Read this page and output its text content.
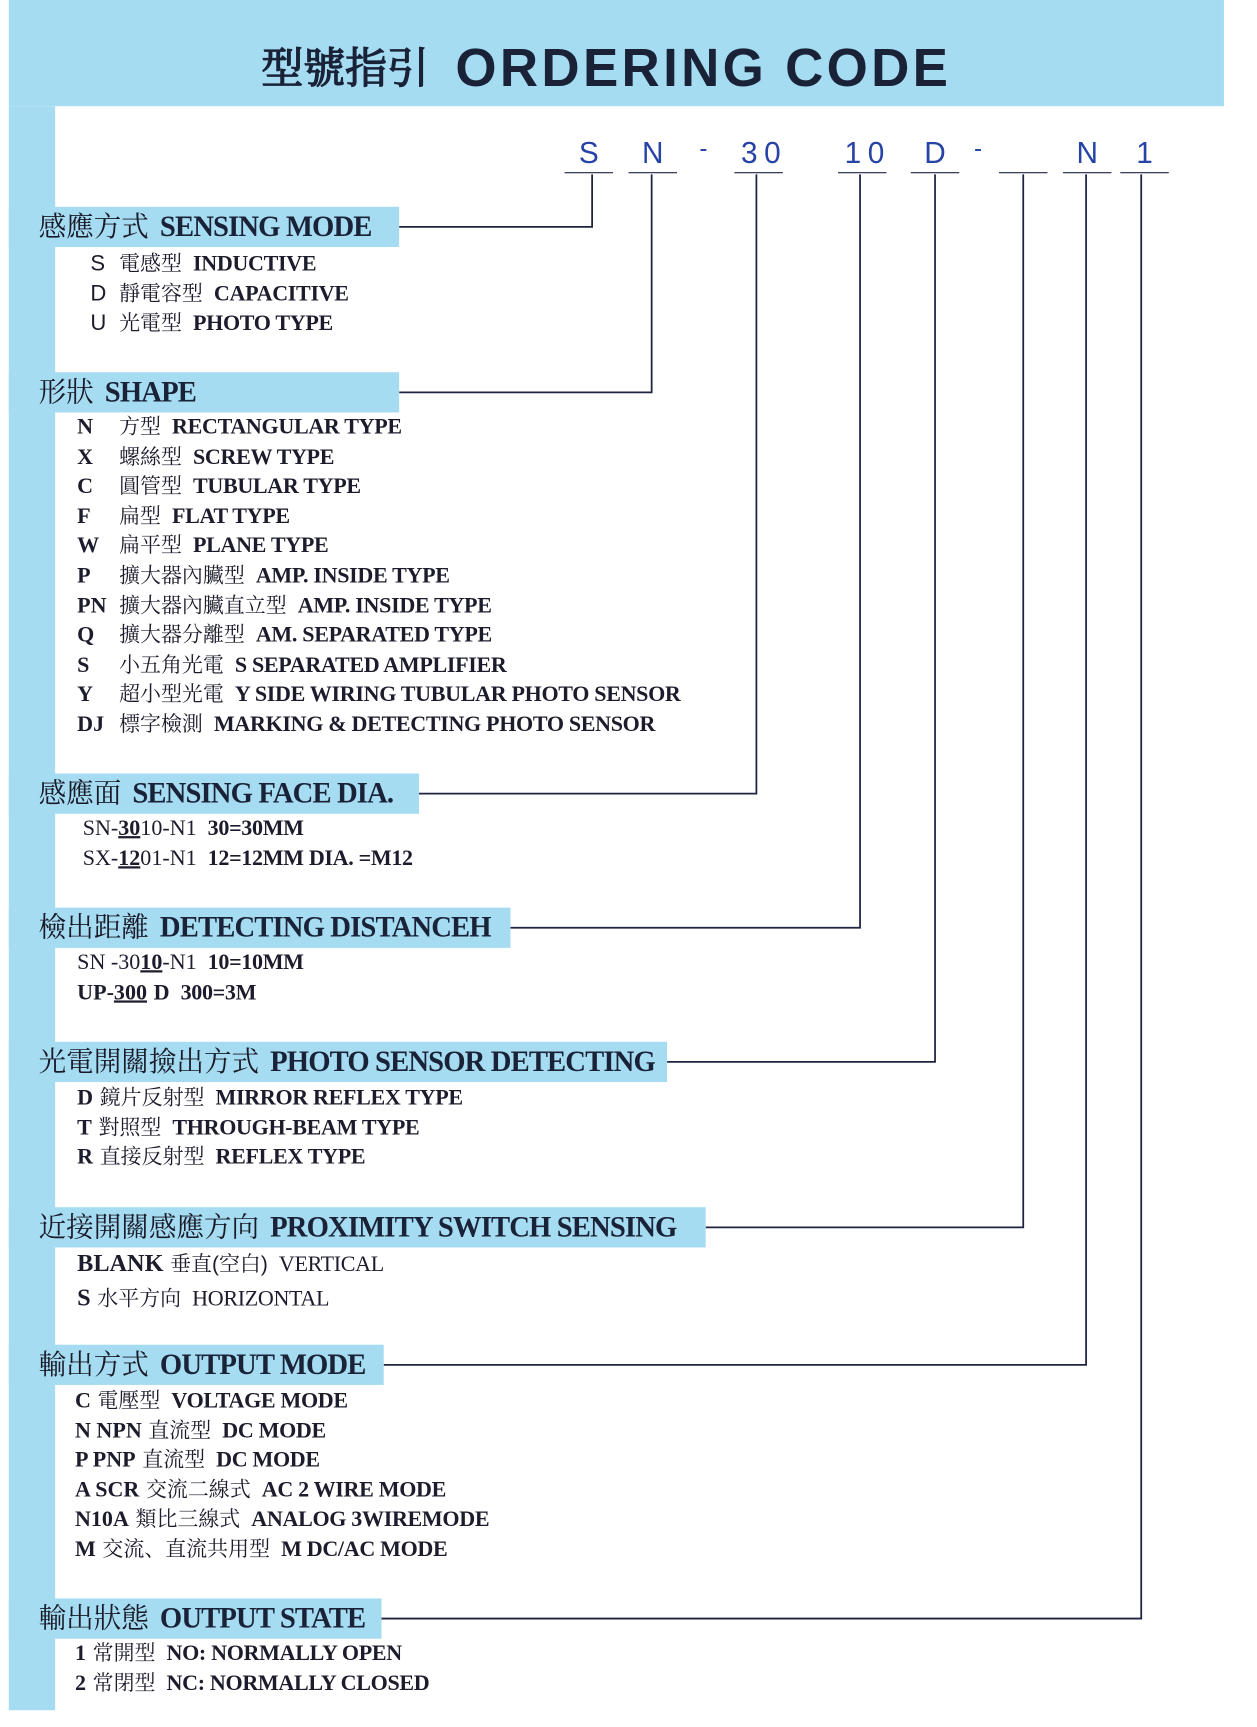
型號指引 ORDERING CODE
S	N	- 30 10	D -	N	1
感應方式 SENSING MODE
S 電感型 INDUCTIVE
D 靜電容型 CAPACITIVE
U 光電型 PHOTO TYPE
形狀 SHAPE
N 方型 RECTANGULAR TYPE
X 螺絲型 SCREW TYPE
C 圓管型 TUBULAR TYPE
F 扁型 FLAT TYPE
W 扁平型 PLANE TYPE
P 擴大器內臟型 AMP. INSIDE TYPE
PN 擴大器內臟直立型 AMP. INSIDE TYPE
Q 擴大器分離型 AM. SEPARATED TYPE
S 小五角光電 S SEPARATED AMPLIFIER
Y 超小型光電 Y SIDE WIRING TUBULAR PHOTO SENSOR
DJ 標字檢測 MARKING & DETECTING PHOTO SENSOR
感應面 SENSING FACE DIA.
SN-3010-N1 30=30MM
SX-1201-N1 12=12MM DIA. =M12
檢出距離 DETECTING DISTANCEH
SN -3010-N1 10=10MM
UP-300 D 300=3M
光電開關撿出方式 PHOTO SENSOR DETECTING
D 鏡片反射型 MIRROR REFLEX TYPE
T 對照型 THROUGH-BEAM TYPE
R 直接反射型 REFLEX TYPE
近接開關感應方向 PROXIMITY SWITCH SENSING
BLANK 垂直(空白) VERTICAL
S 水平方向 HORIZONTAL
輸出方式 OUTPUT MODE
C 電壓型 VOLTAGE MODE
N NPN 直流型 DC MODE
P PNP 直流型 DC MODE
A SCR 交流二線式 AC 2 WIRE MODE
N10A 類比三線式 ANALOG 3WIREMODE
M 交流、直流共用型 M DC/AC MODE
輸出狀態 OUTPUT STATE
1 常開型 NO: NORMALLY OPEN
2 常閉型 NC: NORMALLY CLOSED
